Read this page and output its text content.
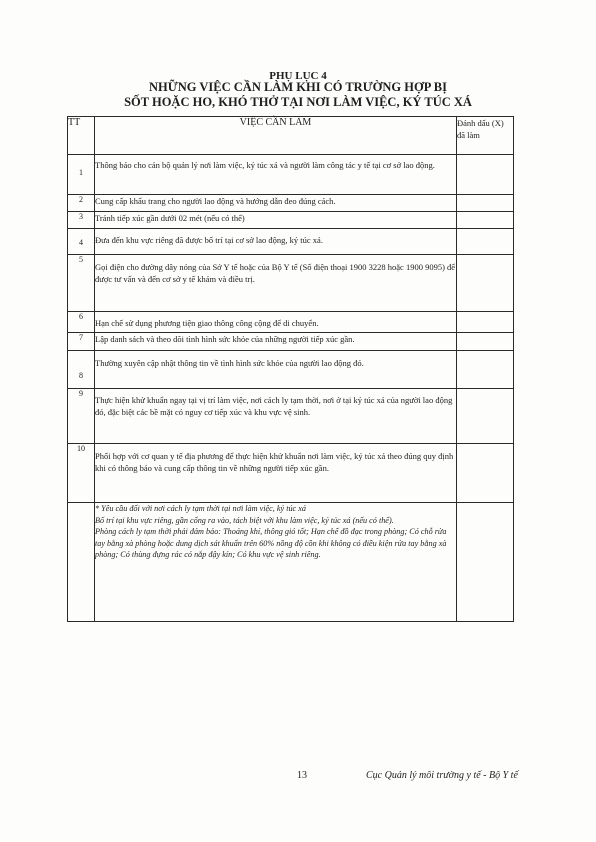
PHỤ LỤC 4
NHỮNG VIỆC CẦN LÀM KHI CÓ TRƯỜNG HỢP BỊ
SỐT HOẶC HO, KHÓ THỞ TẠI NƠI LÀM VIỆC, KÝ TÚC XÁ
TT	VIỆC CẦN LÀM	Đánh dấu (X) đã làm
1	Thông báo cho cán bộ quản lý nơi làm việc, ký túc xá và người làm công tác y tế tại cơ sở lao động.	
2	Cung cấp khẩu trang cho người lao động và hướng dẫn đeo đúng cách.	
3	Tránh tiếp xúc gần dưới 02 mét (nếu có thể)	
4	Đưa đến khu vực riêng đã được bố trí tại cơ sở lao động, ký túc xá.	
5	Gọi điện cho đường dây nóng của Sở Y tế hoặc của Bộ Y tế (Số điện thoại 1900 3228 hoặc 1900 9095) để được tư vấn và đến cơ sở y tế khám và điều trị.	
6	Hạn chế sử dụng phương tiện giao thông công cộng để di chuyển.	
7	Lập danh sách và theo dõi tình hình sức khỏe của những người tiếp xúc gần.	
8	Thường xuyên cập nhật thông tin về tình hình sức khỏe của người lao động đó.	
9	Thực hiện khử khuẩn ngay tại vị trí làm việc, nơi cách ly tạm thời, nơi ở tại ký túc xá của người lao động đó, đặc biệt các bề mặt có nguy cơ tiếp xúc và khu vực vệ sinh.	
10	Phối hợp với cơ quan y tế địa phương để thực hiện khử khuẩn nơi làm việc, ký túc xá theo đúng quy định khi có thông báo và cung cấp thông tin về những người tiếp xúc gần.	

	* Yêu cầu đối với nơi cách ly tạm thời tại nơi làm việc, ký túc xá

Bố trí tại khu vực riêng, gần cổng ra vào, tách biệt với khu làm việc, ký túc xá (nếu có thể).

Phòng cách ly tạm thời phải đảm bảo: Thoáng khí, thông gió tốt; Hạn chế đồ đạc trong phòng; Có chỗ rửa tay bằng xà phòng hoặc dung dịch sát khuẩn trên 60% nồng độ cồn khi không có điều kiện rửa tay bằng xà phòng; Có thùng đựng rác có nắp đậy kín; Có khu vực vệ sinh riêng.	

13	Cục Quản lý môi trường y tế - Bộ Y tế
